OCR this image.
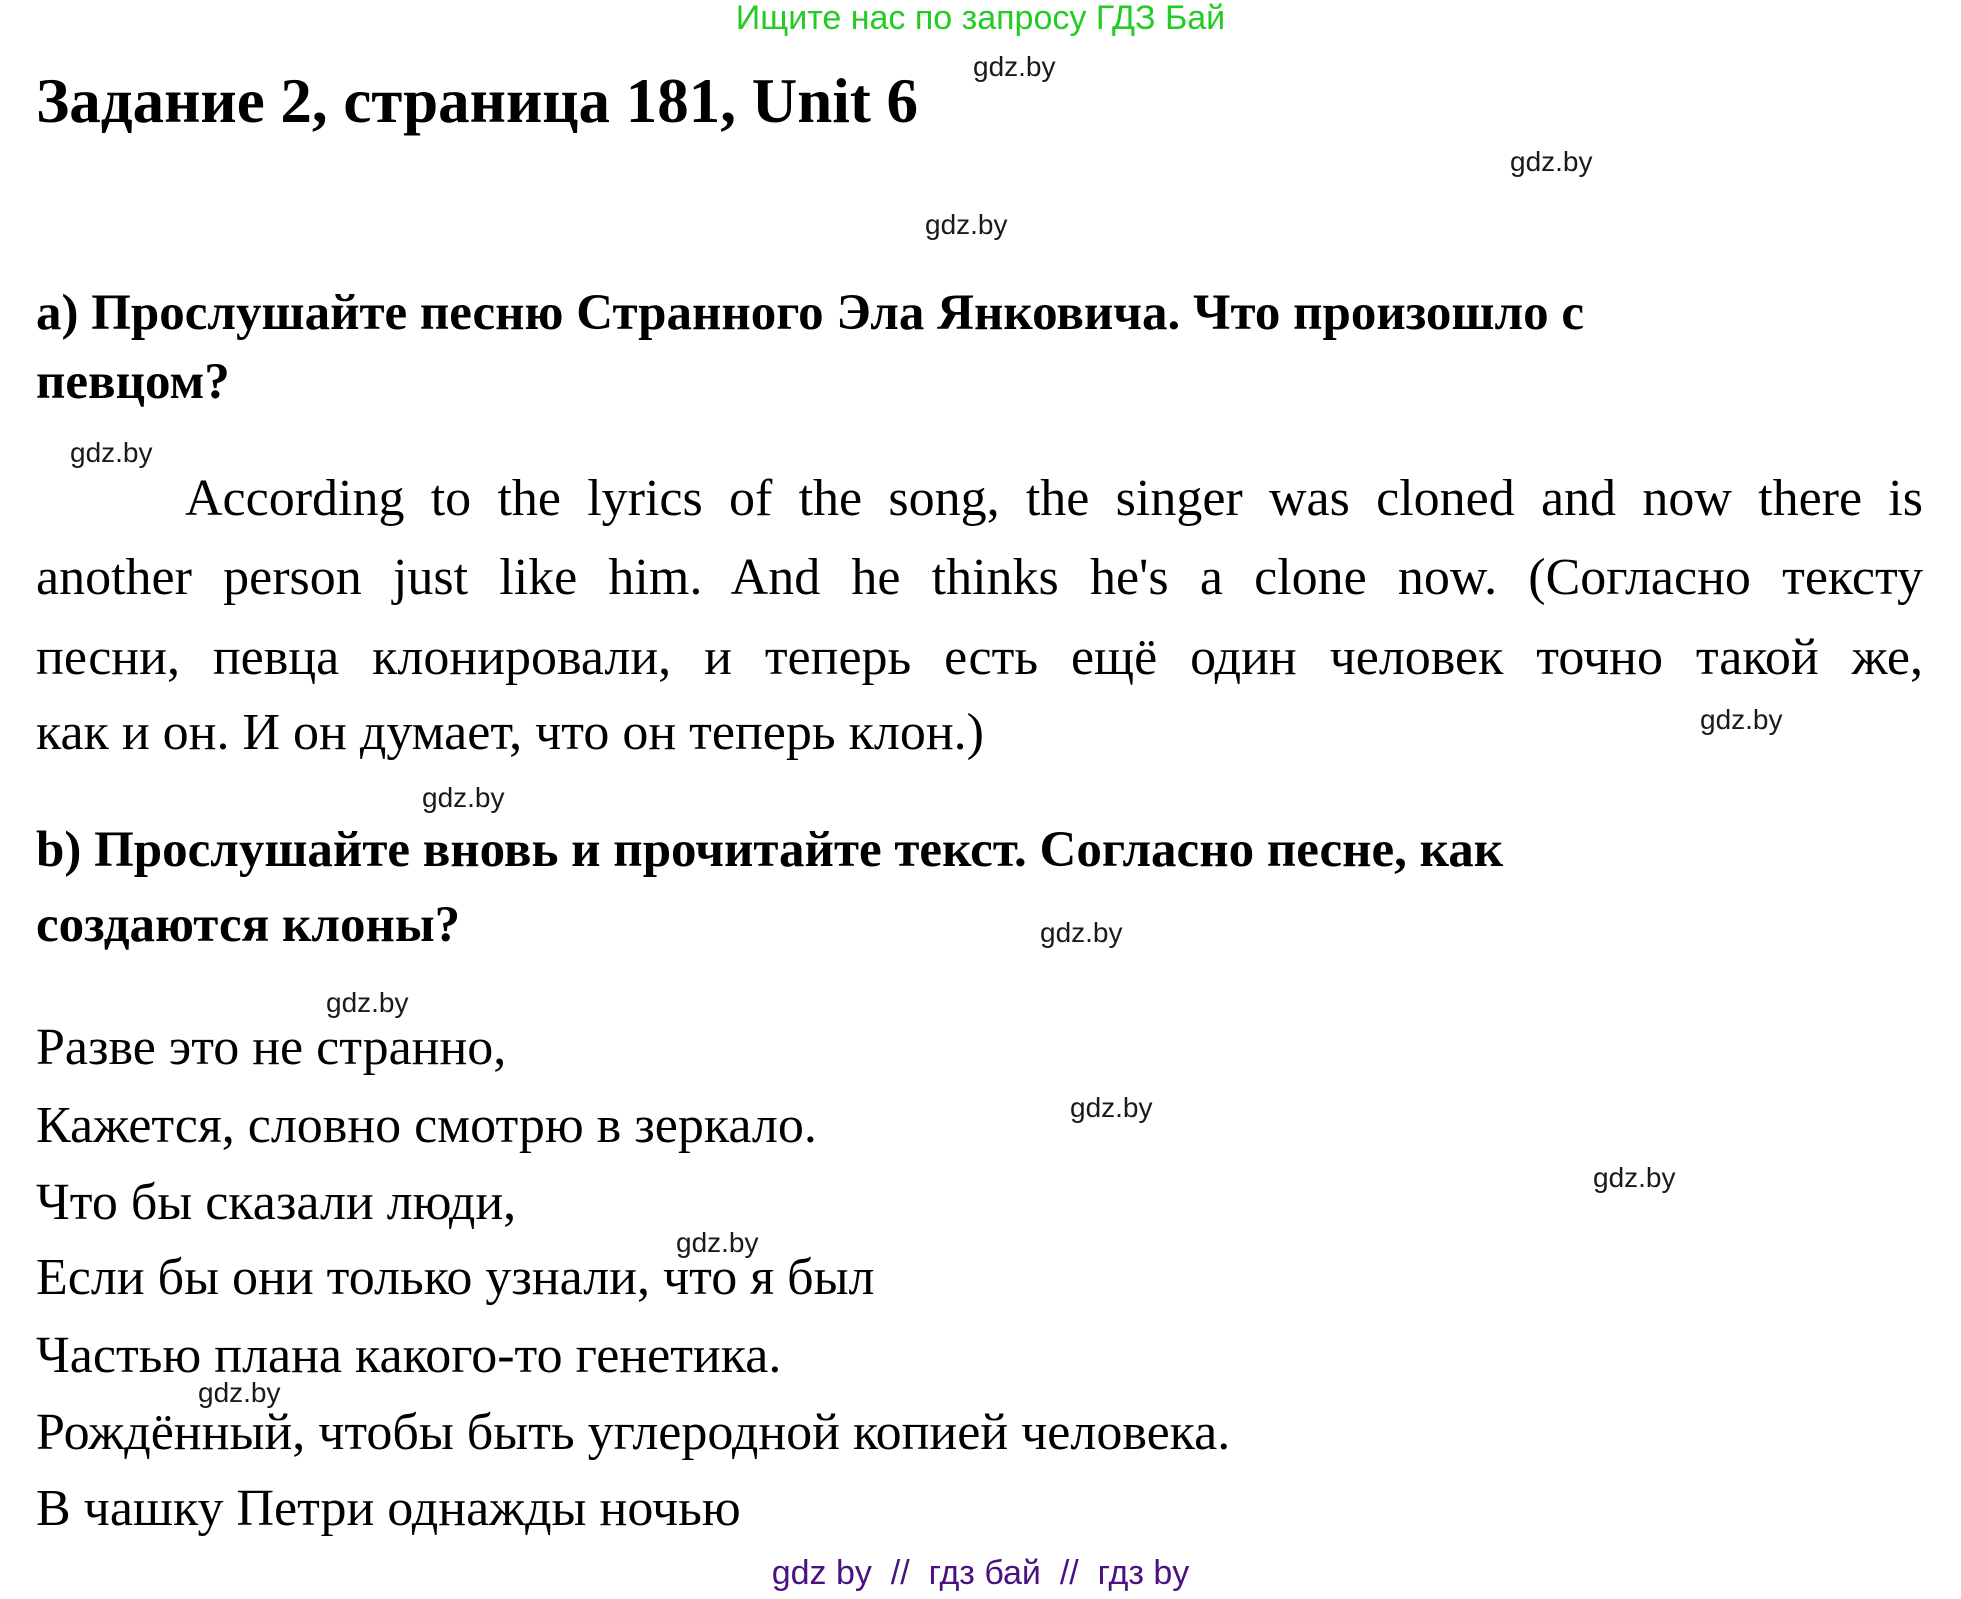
Ищите нас по запросу ГДЗ Бай
Задание 2, страница 181, Unit 6
а) Прослушайте песню Странного Эла Янковича. Что произошло с
певцом?
According to the lyrics of the song, the singer was cloned and now there is
another person just like him. And he thinks he's a clone now. (Согласно тексту
песни, певца клонировали, и теперь есть ещё один человек точно такой же,
как и он. И он думает, что он теперь клон.)
b) Прослушайте вновь и прочитайте текст. Согласно песне, как
создаются клоны?
Разве это не странно,
Кажется, словно смотрю в зеркало.
Что бы сказали люди,
Если бы они только узнали, что я был
Частью плана какого-то генетика.
Рождённый, чтобы быть углеродной копией человека.
В чашку Петри однажды ночью
gdz.by
gdz.by
gdz.by
gdz.by
gdz.by
gdz.by
gdz.by
gdz.by
gdz.by
gdz.by
gdz.by
gdz.by
gdz by  //  гдз бай  //  гдз by
